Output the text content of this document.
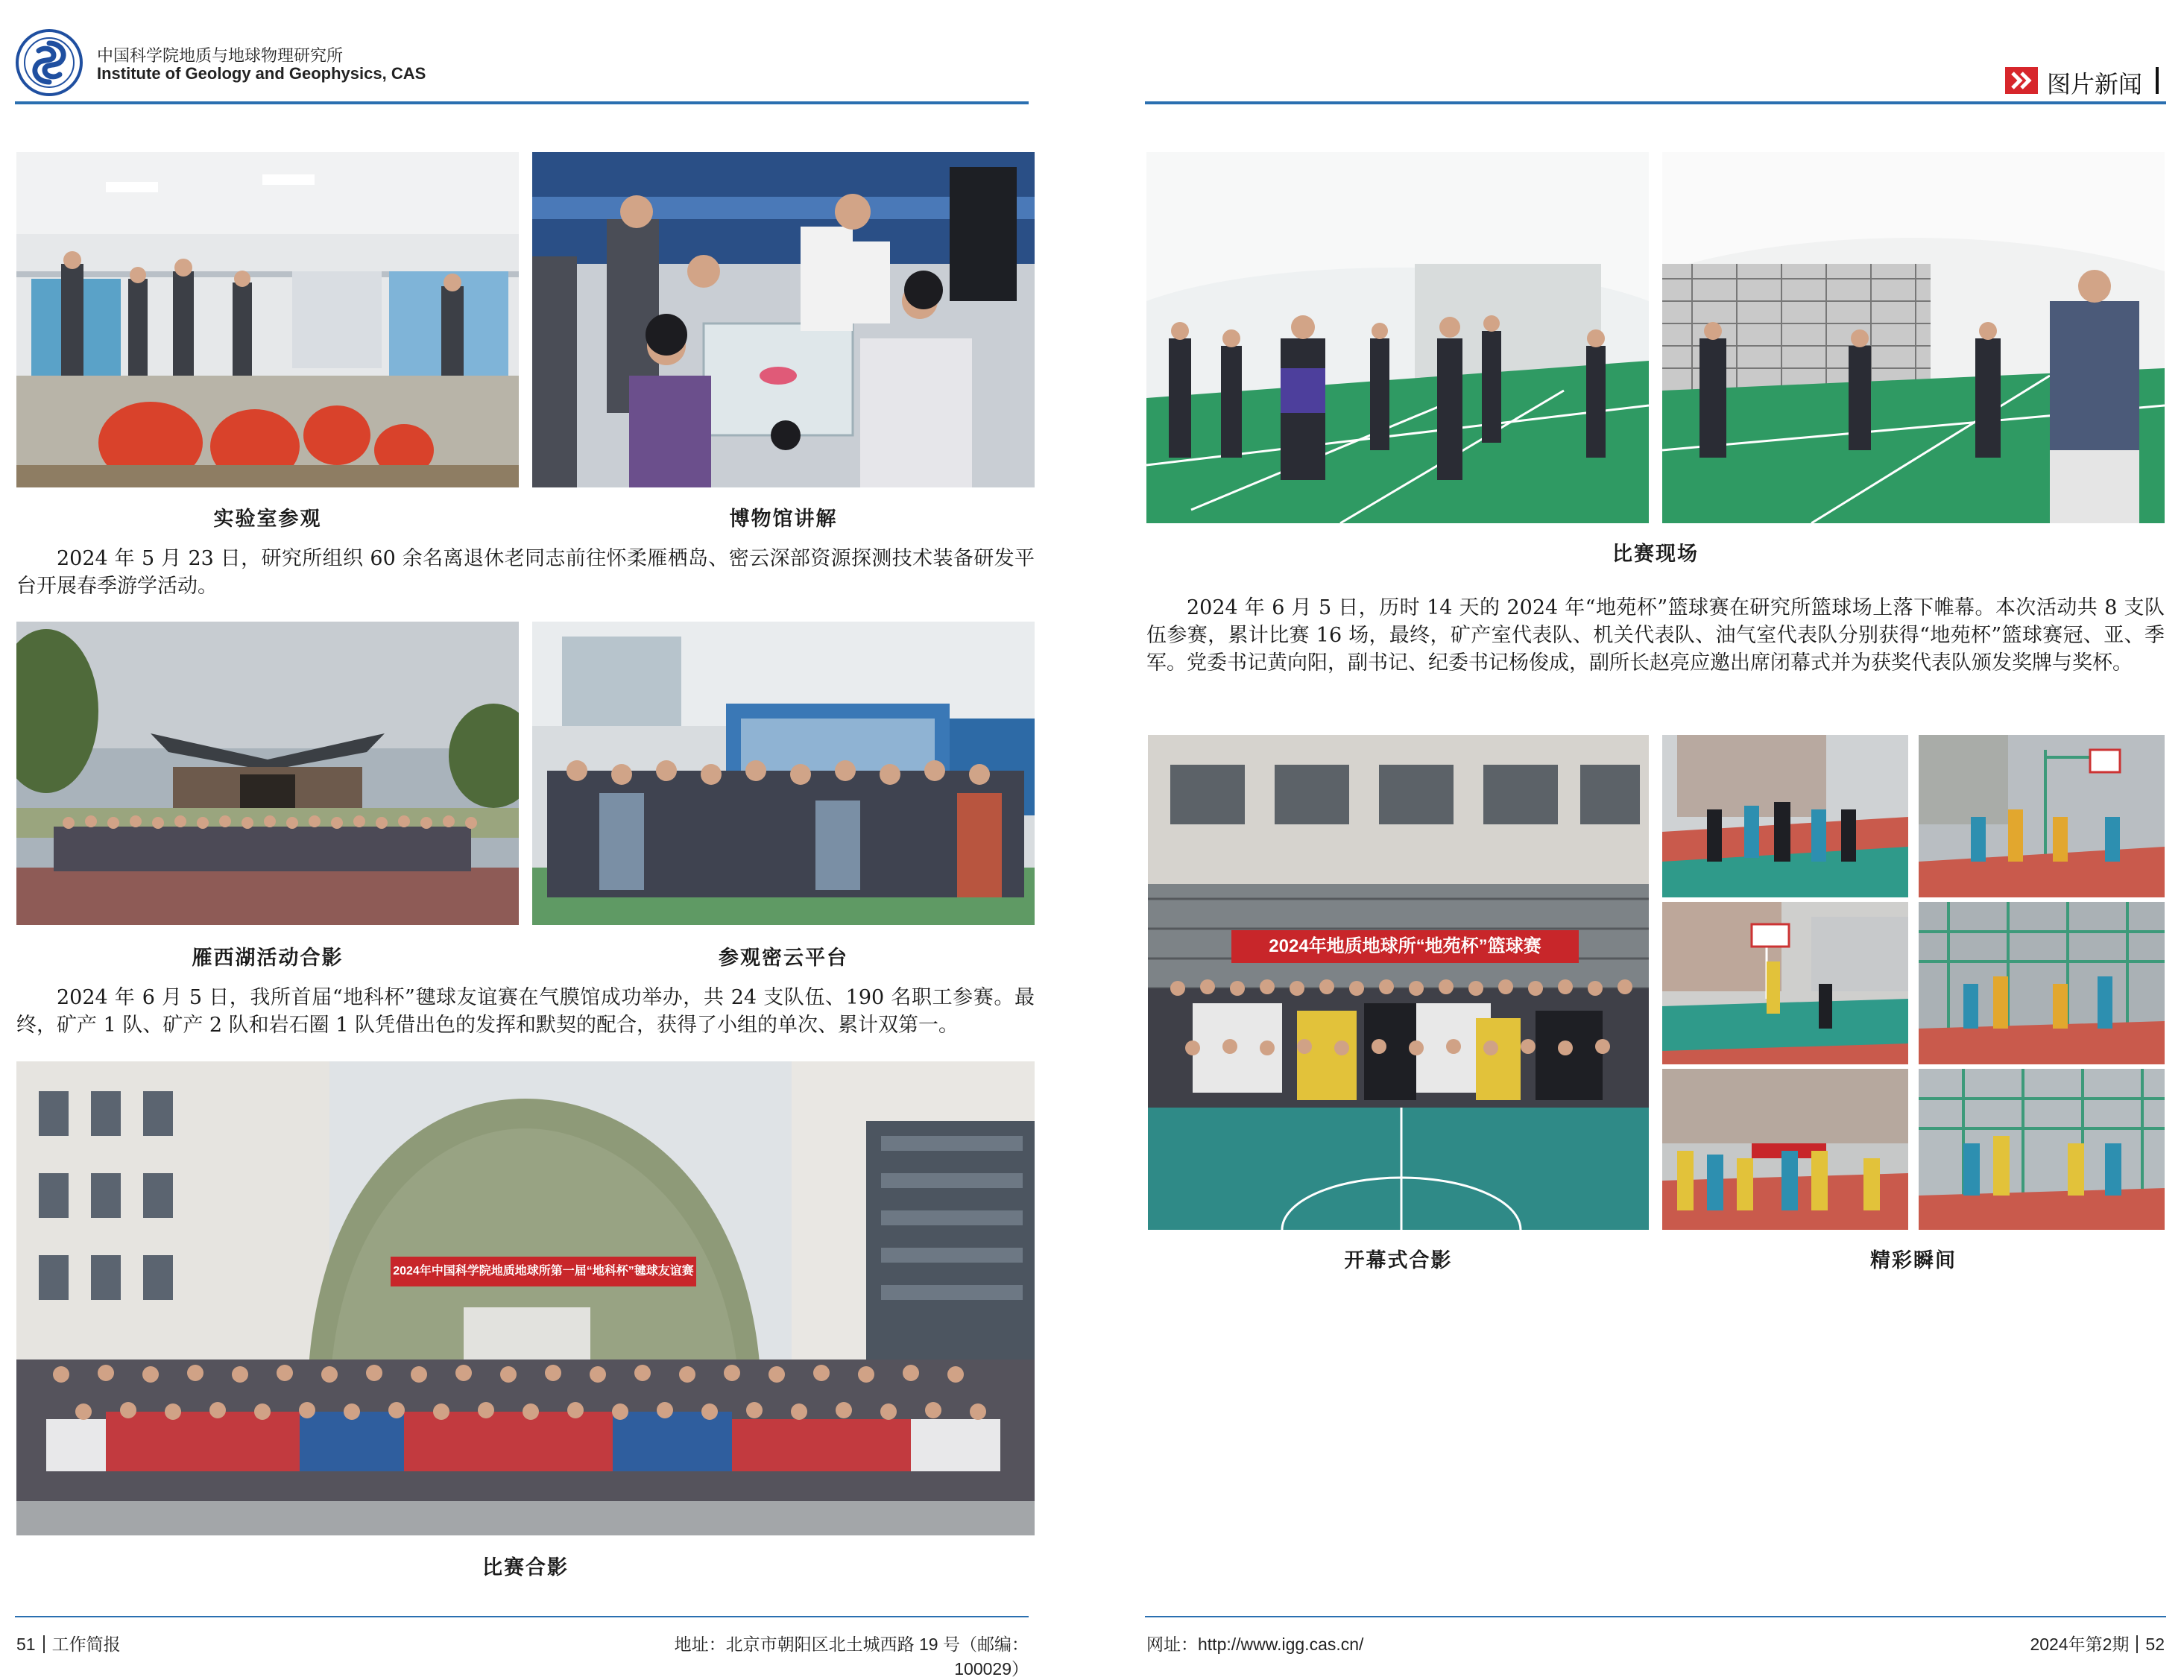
中国科学院地质与地球物理研究所
Institute of Geology and Geophysics, CAS	图片新闻
实验室参观	博物馆讲解

2024 年 5 月 23 日，研究所组织 60 余名离退休老同志前往怀柔雁栖岛、密云深部资源探测技术装备研发平台开展春季游学活动。

雁西湖活动合影	参观密云平台

2024 年 6 月 5 日，我所首届“地科杯”毽球友谊赛在气膜馆成功举办，共 24 支队伍、190 名职工参赛。最终，矿产 1 队、矿产 2 队和岩石圈 1 队凭借出色的发挥和默契的配合，获得了小组的单次、累计双第一。

2024年中国科学院地质地球所第一届“地科杯”毽球友谊赛
比赛合影
51 工作简报	地址：北京市朝阳区北土城西路 19 号（邮编：100029）
比赛现场

2024 年 6 月 5 日，历时 14 天的 2024 年“地苑杯”篮球赛在研究所篮球场上落下帷幕。本次活动共 8 支队伍参赛，累计比赛 16 场，最终，矿产室代表队、机关代表队、油气室代表队分别获得“地苑杯”篮球赛冠、亚、季军。党委书记黄向阳，副书记、纪委书记杨俊成，副所长赵亮应邀出席闭幕式并为获奖代表队颁发奖牌与奖杯。

2024年地质地球所“地苑杯”篮球赛
开幕式合影	精彩瞬间
网址：http://www.igg.cas.cn/	2024年第2期 52
